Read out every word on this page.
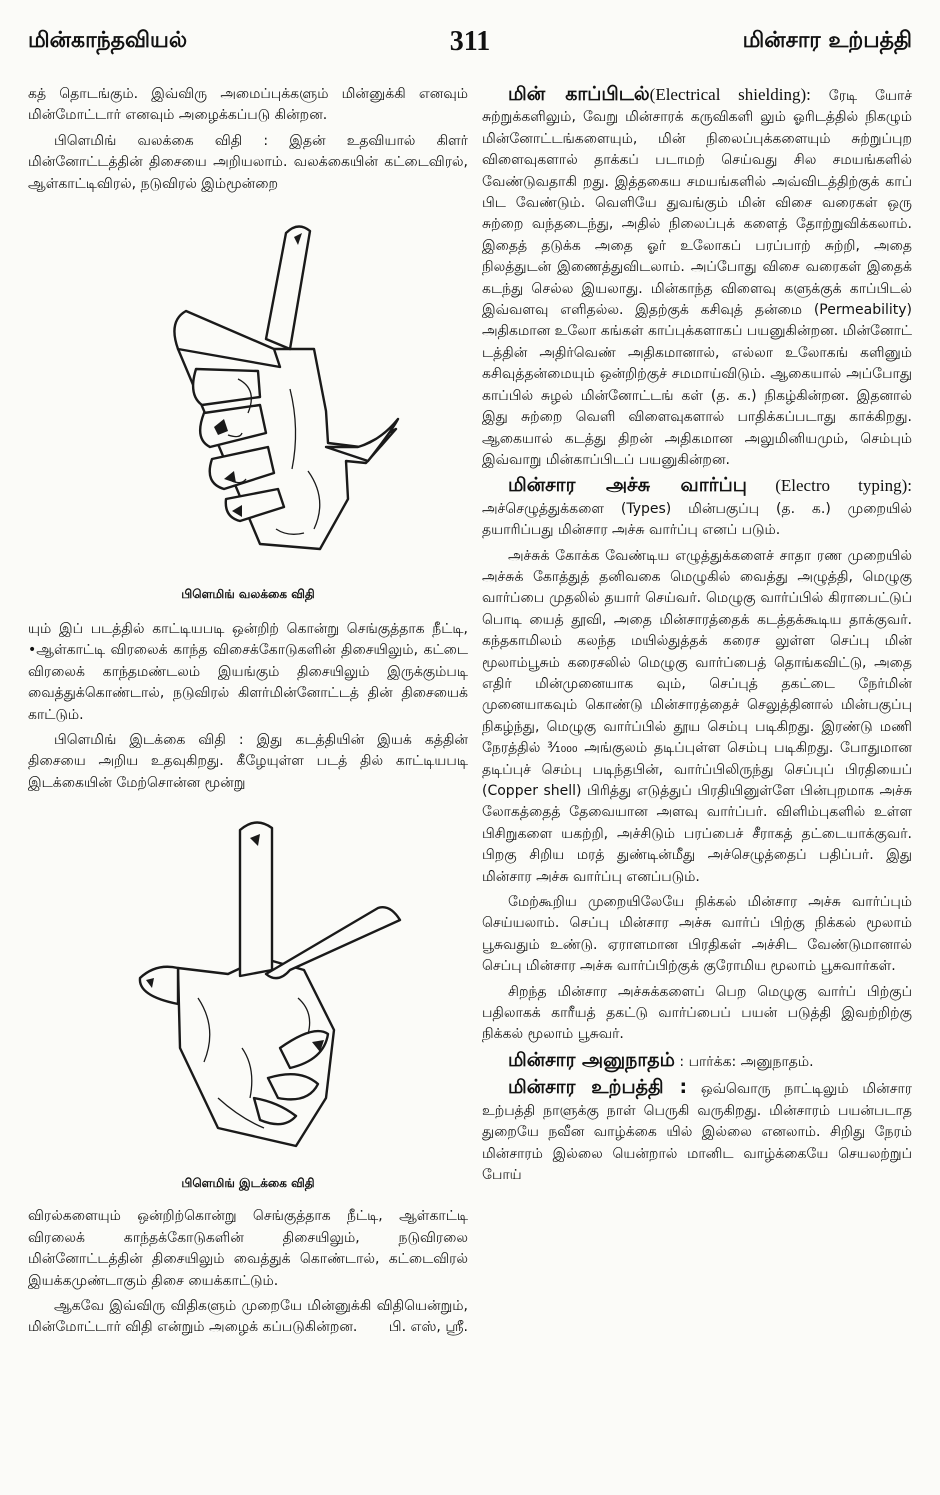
மின்காந்தவியல்	311	மின்சார உற்பத்தி

கத் தொடங்கும். இவ்விரு அமைப்புக்களும் மின்னுக்கி எனவும் மின்மோட்டார் எனவும் அழைக்கப்படு கின்றன.

பிளெமிங் வலக்கை விதி : இதன் உதவியால் கிளர் மின்னோட்டத்தின் திசையை அறியலாம். வலக்கையின் கட்டைவிரல், ஆள்காட்டிவிரல், நடுவிரல் இம்மூன்றை

பிளெமிங் வலக்கை விதி

யும் இப் படத்தில் காட்டியபடி ஒன்றிற் கொன்று செங்குத்தாக நீட்டி, •ஆள்காட்டி விரலைக் காந்த விசைக்கோடுகளின் திசையிலும், கட்டை விரலைக் காந்தமண்டலம் இயங்கும் திசையிலும் இருக்கும்படி வைத்துக்கொண்டால், நடுவிரல் கிளர்மின்னோட்டத் தின் திசையைக் காட்டும்.

பிளெமிங் இடக்கை விதி : இது கடத்தியின் இயக் கத்தின் திசையை அறிய உதவுகிறது. கீழேயுள்ள படத் தில் காட்டியபடி இடக்கையின் மேற்சொன்ன மூன்று

பிளெமிங் இடக்கை விதி

விரல்களையும் ஒன்றிற்கொன்று செங்குத்தாக நீட்டி, ஆள்காட்டி விரலைக் காந்தக்கோடுகளின் திசையிலும், நடுவிரலை மின்னோட்டத்தின் திசையிலும் வைத்துக் கொண்டால், கட்டைவிரல் இயக்கமுண்டாகும் திசை யைக்காட்டும்.

ஆகவே இவ்விரு விதிகளும் முறையே மின்னுக்கி விதியென்றும், மின்மோட்டார் விதி என்றும் அழைக் கப்படுகின்றன.	பி. எஸ், ஸ்ரீ.

மின் காப்பிடல்(Electrical shielding): ரேடி யோச் சுற்றுக்களிலும், வேறு மின்சாரக் கருவிகளி லும் ஓரிடத்தில் நிகழும் மின்னோட்டங்களையும், மின் நிலைப்புக்களையும் சுற்றுப்புற விளைவுகளால் தாக்கப் படாமற் செய்வது சில சமயங்களில் வேண்டுவதாகி றது. இத்தகைய சமயங்களில் அவ்விடத்திற்குக் காப் பிட வேண்டும். வெளியே துவங்கும் மின் விசை வரைகள் ஒரு சுற்றை வந்தடைந்து, அதில் நிலைப்புக் களைத் தோற்றுவிக்கலாம். இதைத் தடுக்க அதை ஓர் உலோகப் பரப்பாற் சுற்றி, அதை நிலத்துடன் இணைத்துவிடலாம். அப்போது விசை வரைகள் இதைக் கடந்து செல்ல இயலாது. மின்காந்த விளைவு களுக்குக் காப்பிடல் இவ்வளவு எளிதல்ல. இதற்குக் கசிவுத் தன்மை (Permeability) அதிகமான உலோ கங்கள் காப்புக்களாகப் பயனுகின்றன. மின்னோட் டத்தின் அதிர்வெண் அதிகமானால், எல்லா உலோகங் களினும் கசிவுத்தன்மையும் ஒன்றிற்குச் சமமாய்விடும். ஆகையால் அப்போது காப்பில் சுழல் மின்னோட்டங் கள் (த. க.) நிகழ்கின்றன. இதனால் இது சுற்றை வெளி விளைவுகளால் பாதிக்கப்படாது காக்கிறது. ஆகையால் கடத்து திறன் அதிகமான அலுமினியமும், செம்பும் இவ்வாறு மின்காப்பிடப் பயனுகின்றன.

மின்சார அச்சு வார்ப்பு (Electro typing): அச்செழுத்துக்களை (Types) மின்பகுப்பு (த. க.) முறையில் தயாரிப்பது மின்சார அச்சு வார்ப்பு எனப் படும்.

அச்சுக் கோக்க வேண்டிய எழுத்துக்களைச் சாதா ரண முறையில் அச்சுக் கோத்துத் தனிவகை மெழுகில் வைத்து அழுத்தி, மெழுகு வார்ப்பை முதலில் தயார் செய்வர். மெழுகு வார்ப்பில் கிராபைட்டுப் பொடி யைத் தூவி, அதை மின்சாரத்தைக் கடத்தக்கூடிய தாக்குவர். கந்தகாமிலம் கலந்த மயில்துத்தக் கரைச லுள்ள செப்பு மின் மூலாம்பூசும் கரைசலில் மெழுகு வார்ப்பைத் தொங்கவிட்டு, அதை எதிர் மின்முனையாக வும், செப்புத் தகட்டை நேர்மின் முனையாகவும் கொண்டு மின்சாரத்தைச் செலுத்தினால் மின்பகுப்பு நிகழ்ந்து, மெழுகு வார்ப்பில் தூய செம்பு படிகிறது. இரண்டு மணி நேரத்தில் ³⁄₁₀₀₀ அங்குலம் தடிப்புள்ள செம்பு படிகிறது. போதுமான தடிப்புச் செம்பு படிந்தபின், வார்ப்பிலிருந்து செப்புப் பிரதியைப் (Copper shell) பிரித்து எடுத்துப் பிரதியினுள்ளே பின்புறமாக அச்சு லோகத்தைத் தேவையான அளவு வார்ப்பர். விளிம்புகளில் உள்ள பிசிறுகளை யகற்றி, அச்சிடும் பரப்பைச் சீராகத் தட்டையாக்குவர். பிறகு சிறிய மரத் துண்டின்மீது அச்செழுத்தைப் பதிப்பர். இது மின்சார அச்சு வார்ப்பு எனப்படும்.

மேற்கூறிய முறையிலேயே நிக்கல் மின்சார அச்சு வார்ப்பும் செய்யலாம். செப்பு மின்சார அச்சு வார்ப் பிற்கு நிக்கல் மூலாம் பூசுவதும் உண்டு. ஏராளமான பிரதிகள் அச்சிட வேண்டுமானால் செப்பு மின்சார அச்சு வார்ப்பிற்குக் குரோமிய மூலாம் பூசுவார்கள்.

சிறந்த மின்சார அச்சுக்களைப் பெற மெழுகு வார்ப் பிற்குப் பதிலாகக் காரீயத் தகட்டு வார்ப்பைப் பயன் படுத்தி இவற்றிற்கு நிக்கல் மூலாம் பூசுவர்.

மின்சார அனுநாதம் : பார்க்க: அனுநாதம்.

மின்சார உற்பத்தி : ஒவ்வொரு நாட்டிலும் மின்சார உற்பத்தி நாளுக்கு நாள் பெருகி வருகிறது. மின்சாரம் பயன்படாத துறையே நவீன வாழ்க்கை யில் இல்லை எனலாம். சிறிது நேரம் மின்சாரம் இல்லை யென்றால் மானிட வாழ்க்கையே செயலற்றுப் போய்
